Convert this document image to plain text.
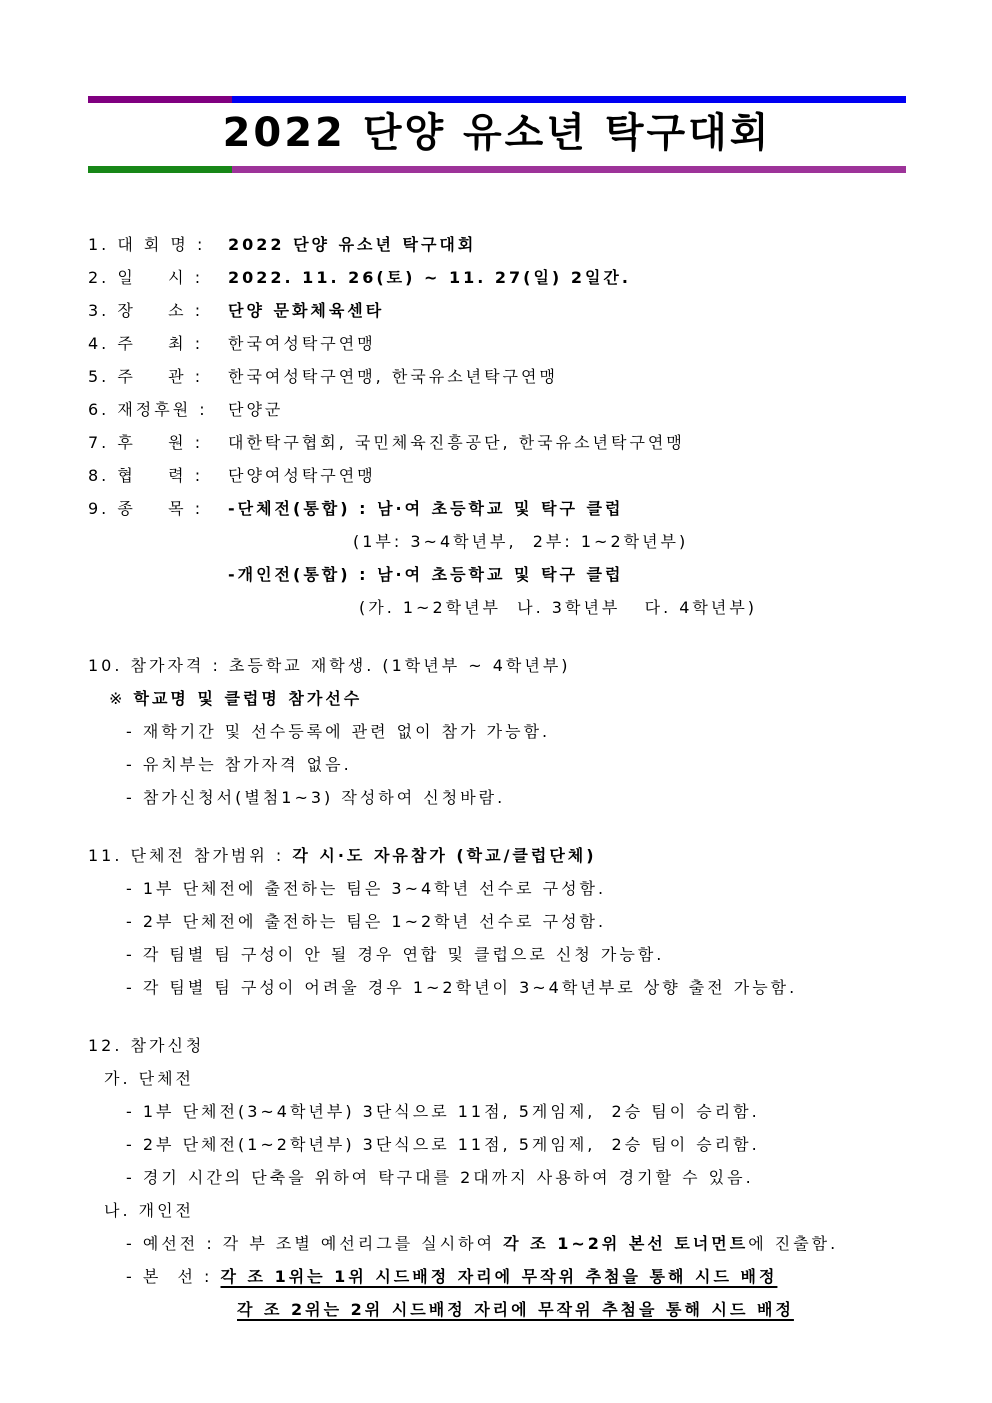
2022 단양 유소년 탁구대회
1. 대 회 명 : 2022 단양 유소년 탁구대회
2. 일    시 : 2022. 11. 26(토) ~ 11. 27(일) 2일간.
3. 장    소 : 단양 문화체육센타
4. 주    최 : 한국여성탁구연맹
5. 주    관 : 한국여성탁구연맹, 한국유소년탁구연맹
6. 재정후원 : 단양군
7. 후    원 : 대한탁구협회, 국민체육진흥공단, 한국유소년탁구연맹
8. 협    력 : 단양여성탁구연맹
9. 종    목 : -단체전(통합) : 남·여 초등학교 및 탁구 클럽
(1부: 3~4학년부,  2부: 1~2학년부)
-개인전(통합) : 남·여 초등학교 및 탁구 클럽
(가. 1~2학년부  나. 3학년부   다. 4학년부)
10. 참가자격 : 초등학교 재학생. (1학년부 ~ 4학년부)
※ 학교명 및 클럽명 참가선수
- 재학기간 및 선수등록에 관련 없이 참가 가능함.
- 유치부는 참가자격 없음.
- 참가신청서(별첨1~3) 작성하여 신청바람.
11. 단체전 참가범위 : 각 시·도 자유참가 (학교/클럽단체)
- 1부 단체전에 출전하는 팀은 3~4학년 선수로 구성함.
- 2부 단체전에 출전하는 팀은 1~2학년 선수로 구성함.
- 각 팀별 팀 구성이 안 될 경우 연합 및 클럽으로 신청 가능함.
- 각 팀별 팀 구성이 어려울 경우 1~2학년이 3~4학년부로 상향 출전 가능함.
12. 참가신청
가. 단체전
- 1부 단체전(3~4학년부) 3단식으로 11점, 5게임제,  2승 팀이 승리함.
- 2부 단체전(1~2학년부) 3단식으로 11점, 5게임제,  2승 팀이 승리함.
- 경기 시간의 단축을 위하여 탁구대를 2대까지 사용하여 경기할 수 있음.
나. 개인전
- 예선전 : 각 부 조별 예선리그를 실시하여 각 조 1~2위 본선 토너먼트에 진출함.
- 본  선 : 각 조 1위는 1위 시드배정 자리에 무작위 추첨을 통해 시드 배정
각 조 2위는 2위 시드배정 자리에 무작위 추첨을 통해 시드 배정
